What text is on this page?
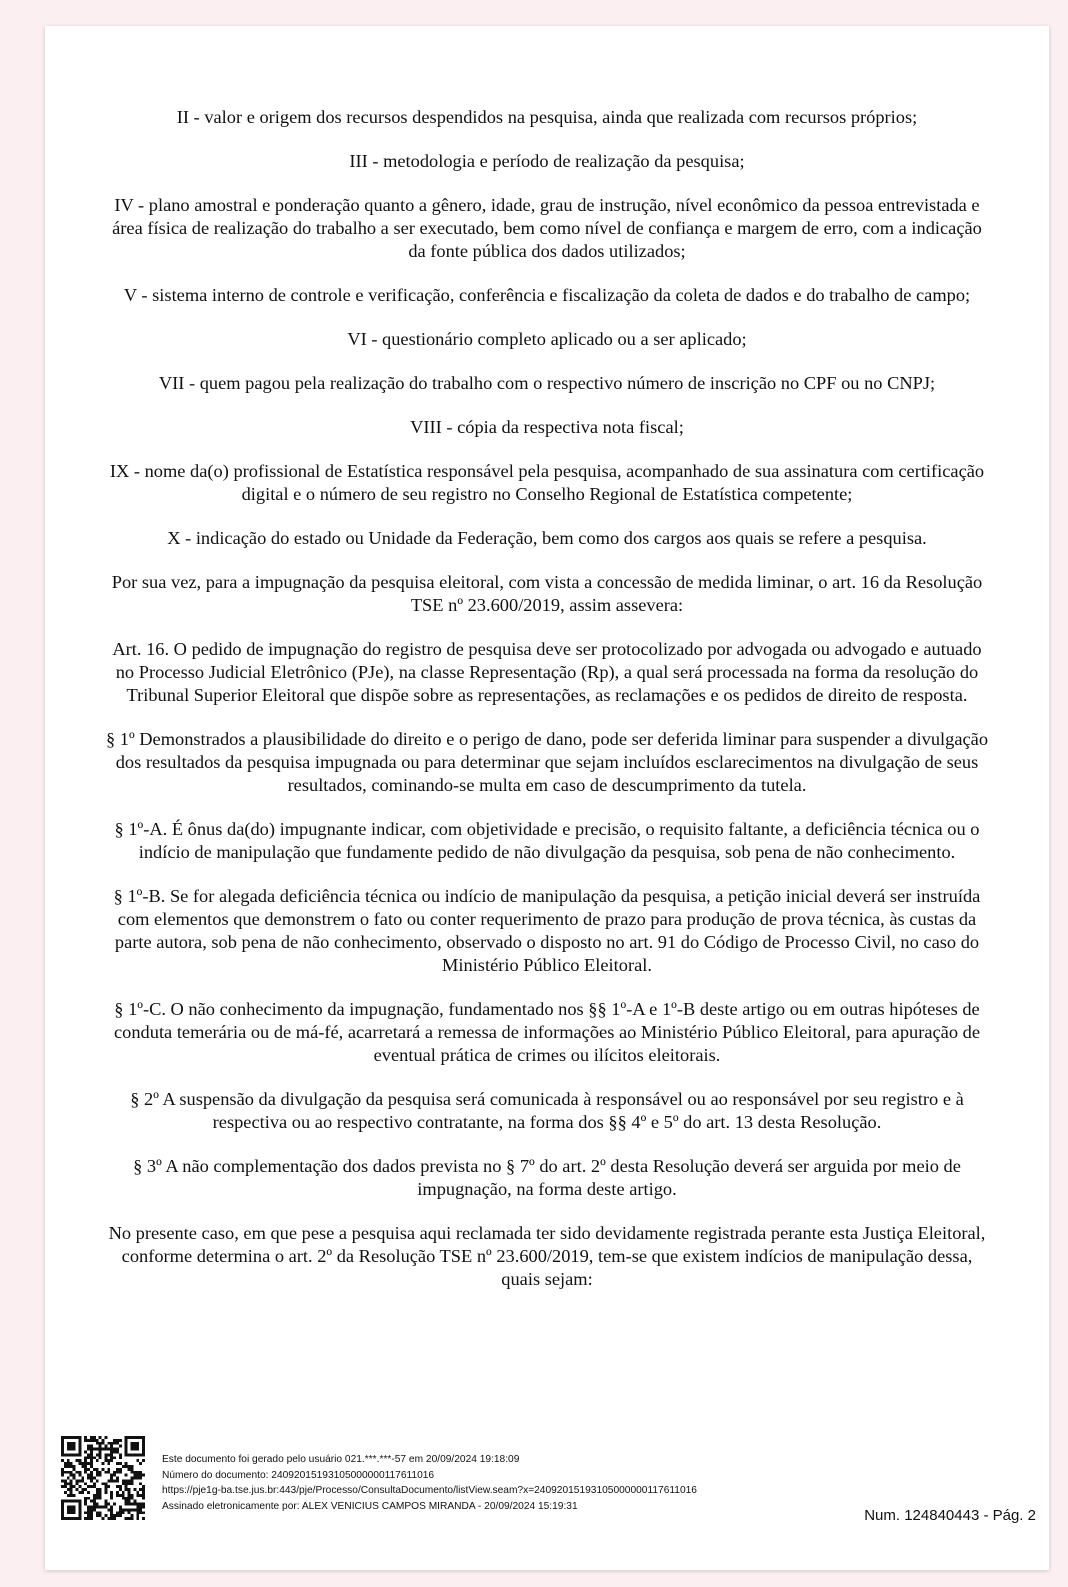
II - valor e origem dos recursos despendidos na pesquisa, ainda que realizada com recursos próprios;

III - metodologia e período de realização da pesquisa;

IV - plano amostral e ponderação quanto a gênero, idade, grau de instrução, nível econômico da pessoa entrevistada e área física de realização do trabalho a ser executado, bem como nível de confiança e margem de erro, com a indicação da fonte pública dos dados utilizados;

V - sistema interno de controle e verificação, conferência e fiscalização da coleta de dados e do trabalho de campo;

VI - questionário completo aplicado ou a ser aplicado;

VII - quem pagou pela realização do trabalho com o respectivo número de inscrição no CPF ou no CNPJ;

VIII - cópia da respectiva nota fiscal;

IX - nome da(o) profissional de Estatística responsável pela pesquisa, acompanhado de sua assinatura com certificação digital e o número de seu registro no Conselho Regional de Estatística competente;

X - indicação do estado ou Unidade da Federação, bem como dos cargos aos quais se refere a pesquisa.

Por sua vez, para a impugnação da pesquisa eleitoral, com vista a concessão de medida liminar, o art. 16 da Resolução TSE nº 23.600/2019, assim assevera:

Art. 16. O pedido de impugnação do registro de pesquisa deve ser protocolizado por advogada ou advogado e autuado no Processo Judicial Eletrônico (PJe), na classe Representação (Rp), a qual será processada na forma da resolução do Tribunal Superior Eleitoral que dispõe sobre as representações, as reclamações e os pedidos de direito de resposta.

§ 1º Demonstrados a plausibilidade do direito e o perigo de dano, pode ser deferida liminar para suspender a divulgação dos resultados da pesquisa impugnada ou para determinar que sejam incluídos esclarecimentos na divulgação de seus resultados, cominando-se multa em caso de descumprimento da tutela.

§ 1º-A. É ônus da(do) impugnante indicar, com objetividade e precisão, o requisito faltante, a deficiência técnica ou o indício de manipulação que fundamente pedido de não divulgação da pesquisa, sob pena de não conhecimento.

§ 1º-B. Se for alegada deficiência técnica ou indício de manipulação da pesquisa, a petição inicial deverá ser instruída com elementos que demonstrem o fato ou conter requerimento de prazo para produção de prova técnica, às custas da parte autora, sob pena de não conhecimento, observado o disposto no art. 91 do Código de Processo Civil, no caso do Ministério Público Eleitoral.

§ 1º-C. O não conhecimento da impugnação, fundamentado nos §§ 1º-A e 1º-B deste artigo ou em outras hipóteses de conduta temerária ou de má-fé, acarretará a remessa de informações ao Ministério Público Eleitoral, para apuração de eventual prática de crimes ou ilícitos eleitorais.

§ 2º A suspensão da divulgação da pesquisa será comunicada à responsável ou ao responsável por seu registro e à respectiva ou ao respectivo contratante, na forma dos §§ 4º e 5º do art. 13 desta Resolução.

§ 3º A não complementação dos dados prevista no § 7º do art. 2º desta Resolução deverá ser arguida por meio de impugnação, na forma deste artigo.

No presente caso, em que pese a pesquisa aqui reclamada ter sido devidamente registrada perante esta Justiça Eleitoral, conforme determina o art. 2º da Resolução TSE nº 23.600/2019, tem-se que existem indícios de manipulação dessa, quais sejam:

Este documento foi gerado pelo usuário 021.***.***-57 em 20/09/2024 19:18:09
Número do documento: 24092015193105000000117611016
https://pje1g-ba.tse.jus.br:443/pje/Processo/ConsultaDocumento/listView.seam?x=24092015193105000000117611016
Assinado eletronicamente por: ALEX VENICIUS CAMPOS MIRANDA - 20/09/2024 15:19:31
Num. 124840443 - Pág. 2
